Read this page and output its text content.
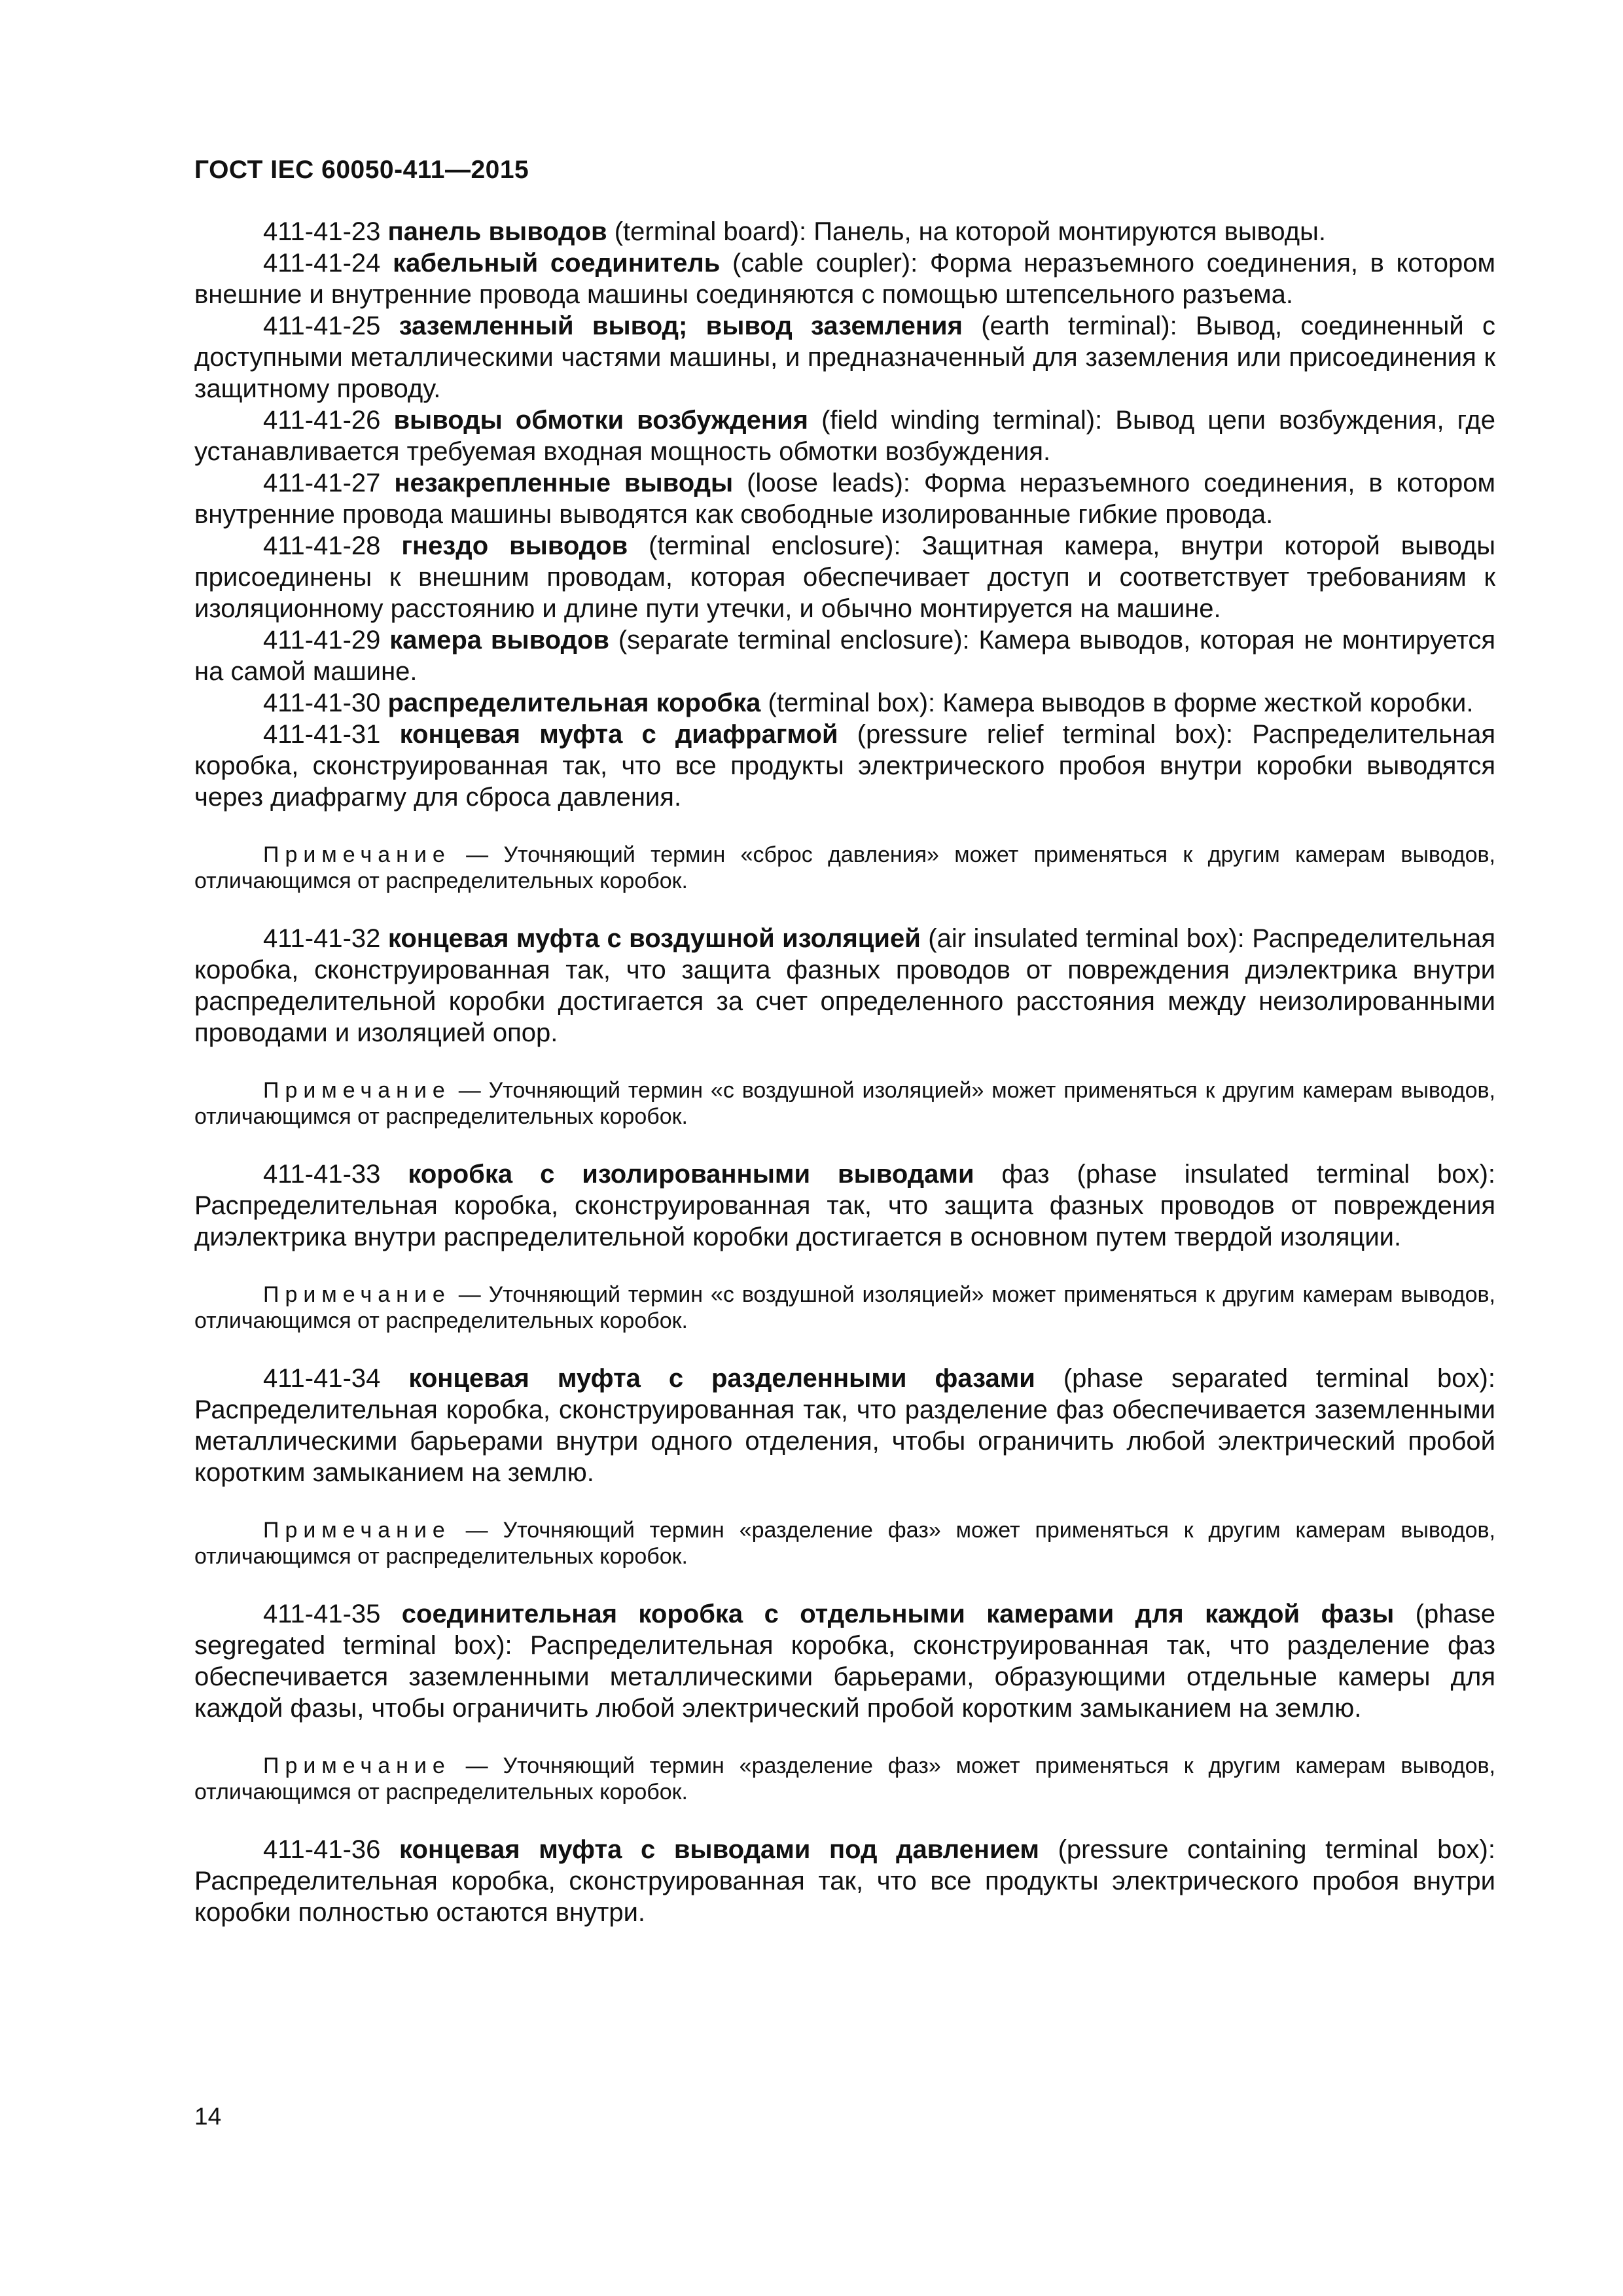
ГОСТ IEC 60050-411—2015

411-41-23 панель выводов (terminal board): Панель, на которой монтируются выводы.

411-41-24 кабельный соединитель (cable coupler): Форма неразъемного соединения, в котором внешние и внутренние провода машины соединяются с помощью штепсельного разъема.

411-41-25 заземленный вывод; вывод заземления (earth terminal): Вывод, соединенный с доступными металлическими частями машины, и предназначенный для заземления или присоединения к защитному проводу.

411-41-26 выводы обмотки возбуждения (field winding terminal): Вывод цепи возбуждения, где устанавливается требуемая входная мощность обмотки возбуждения.

411-41-27 незакрепленные выводы (loose leads): Форма неразъемного соединения, в котором внутренние провода машины выводятся как свободные изолированные гибкие провода.

411-41-28 гнездо выводов (terminal enclosure): Защитная камера, внутри которой выводы присоединены к внешним проводам, которая обеспечивает доступ и соответствует требованиям к изоляционному расстоянию и длине пути утечки, и обычно монтируется на машине.

411-41-29 камера выводов (separate terminal enclosure): Камера выводов, которая не монтируется на самой машине.

411-41-30 распределительная коробка (terminal box): Камера выводов в форме жесткой коробки.

411-41-31 концевая муфта с диафрагмой (pressure relief terminal box): Распределительная коробка, сконструированная так, что все продукты электрического пробоя внутри коробки выводятся через диафрагму для сброса давления.

Примечание — Уточняющий термин «сброс давления» может применяться к другим камерам выводов, отличающимся от распределительных коробок.

411-41-32 концевая муфта с воздушной изоляцией (air insulated terminal box): Распределительная коробка, сконструированная так, что защита фазных проводов от повреждения диэлектрика внутри распределительной коробки достигается за счет определенного расстояния между неизолированными проводами и изоляцией опор.

Примечание — Уточняющий термин «с воздушной изоляцией» может применяться к другим камерам выводов, отличающимся от распределительных коробок.

411-41-33 коробка с изолированными выводами фаз (phase insulated terminal box): Распределительная коробка, сконструированная так, что защита фазных проводов от повреждения диэлектрика внутри распределительной коробки достигается в основном путем твердой изоляции.

Примечание — Уточняющий термин «с воздушной изоляцией» может применяться к другим камерам выводов, отличающимся от распределительных коробок.

411-41-34 концевая муфта с разделенными фазами (phase separated terminal box): Распределительная коробка, сконструированная так, что разделение фаз обеспечивается заземленными металлическими барьерами внутри одного отделения, чтобы ограничить любой электрический пробой коротким замыканием на землю.

Примечание — Уточняющий термин «разделение фаз» может применяться к другим камерам выводов, отличающимся от распределительных коробок.

411-41-35 соединительная коробка с отдельными камерами для каждой фазы (phase segregated terminal box): Распределительная коробка, сконструированная так, что разделение фаз обеспечивается заземленными металлическими барьерами, образующими отдельные камеры для каждой фазы, чтобы ограничить любой электрический пробой коротким замыканием на землю.

Примечание — Уточняющий термин «разделение фаз» может применяться к другим камерам выводов, отличающимся от распределительных коробок.

411-41-36 концевая муфта с выводами под давлением (pressure containing terminal box): Распределительная коробка, сконструированная так, что все продукты электрического пробоя внутри коробки полностью остаются внутри.

14
